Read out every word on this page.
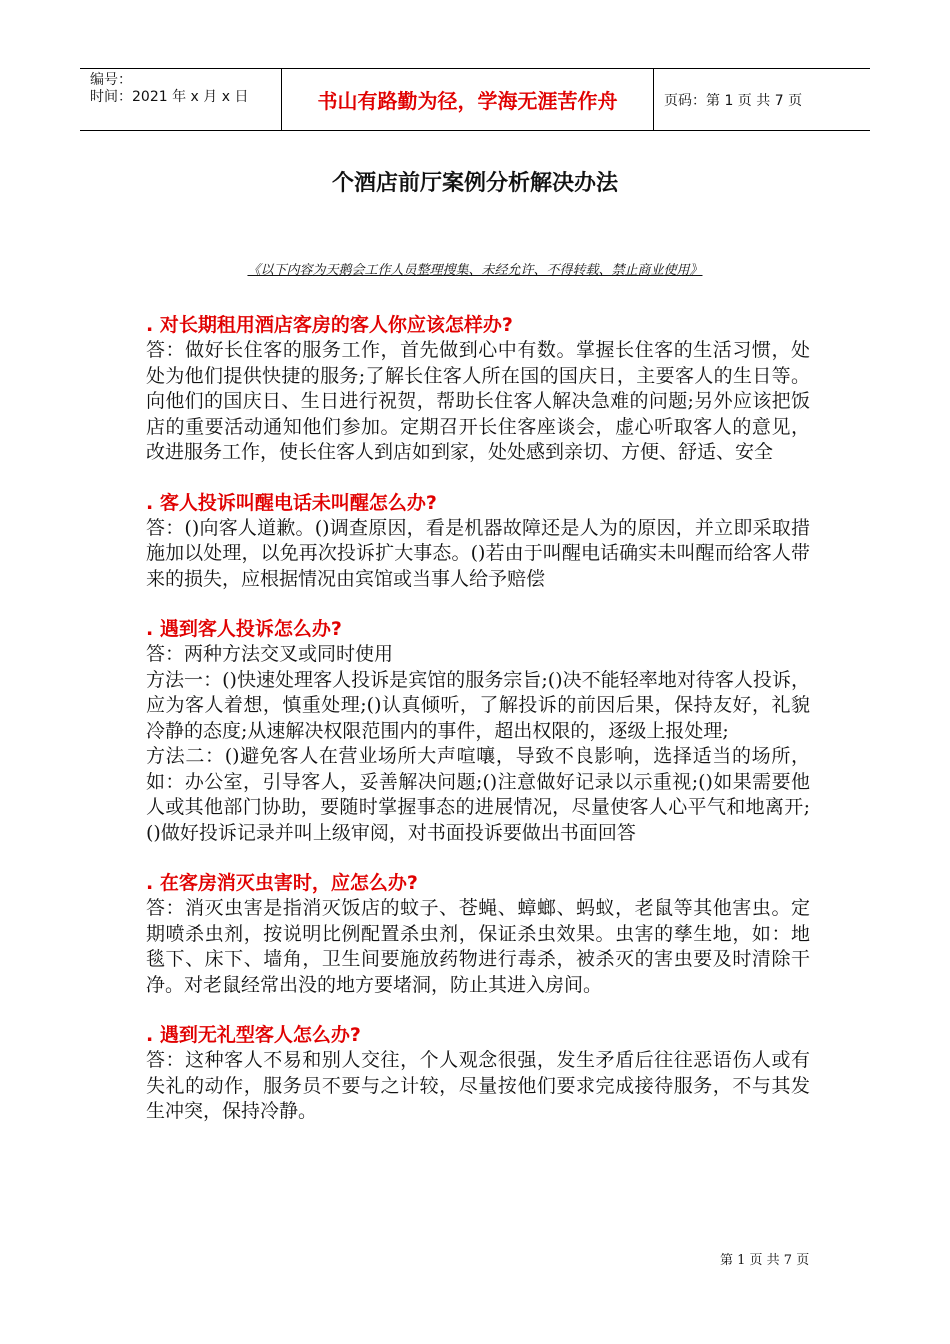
编号：
时间：2021 年 x 月 x 日	书山有路勤为径，学海无涯苦作舟	页码：第 1 页 共 7 页
个酒店前厅案例分析解决办法
《以下内容为天鹅会工作人员整理搜集、未经允许、不得转载、禁止商业使用》
. 对长期租用酒店客房的客人你应该怎样办?

答：做好长住客的服务工作，首先做到心中有数。掌握长住客的生活习惯，处处为他们提供快捷的服务;了解长住客人所在国的国庆日，主要客人的生日等。向他们的国庆日、生日进行祝贺，帮助长住客人解决急难的问题;另外应该把饭店的重要活动通知他们参加。定期召开长住客座谈会，虚心听取客人的意见，改进服务工作，使长住客人到店如到家，处处感到亲切、方便、舒适、安全

. 客人投诉叫醒电话未叫醒怎么办?

答：()向客人道歉。()调查原因，看是机器故障还是人为的原因，并立即采取措施加以处理，以免再次投诉扩大事态。()若由于叫醒电话确实未叫醒而给客人带来的损失，应根据情况由宾馆或当事人给予赔偿

. 遇到客人投诉怎么办?

答：两种方法交叉或同时使用

方法一：()快速处理客人投诉是宾馆的服务宗旨;()决不能轻率地对待客人投诉，应为客人着想，慎重处理;()认真倾听，了解投诉的前因后果，保持友好，礼貌冷静的态度;从速解决权限范围内的事件，超出权限的，逐级上报处理;

方法二：()避免客人在营业场所大声喧嚷，导致不良影响，选择适当的场所，如：办公室，引导客人，妥善解决问题;()注意做好记录以示重视;()如果需要他人或其他部门协助，要随时掌握事态的进展情况，尽量使客人心平气和地离开;()做好投诉记录并叫上级审阅，对书面投诉要做出书面回答

. 在客房消灭虫害时，应怎么办?

答：消灭虫害是指消灭饭店的蚊子、苍蝇、蟑螂、蚂蚁，老鼠等其他害虫。定期喷杀虫剂，按说明比例配置杀虫剂，保证杀虫效果。虫害的孳生地，如：地毯下、床下、墙角，卫生间要施放药物进行毒杀，被杀灭的害虫要及时清除干净。对老鼠经常出没的地方要堵洞，防止其进入房间。

. 遇到无礼型客人怎么办?

答：这种客人不易和别人交往，个人观念很强，发生矛盾后往往恶语伤人或有失礼的动作，服务员不要与之计较，尽量按他们要求完成接待服务，不与其发生冲突，保持冷静。

第 1 页 共 7 页
